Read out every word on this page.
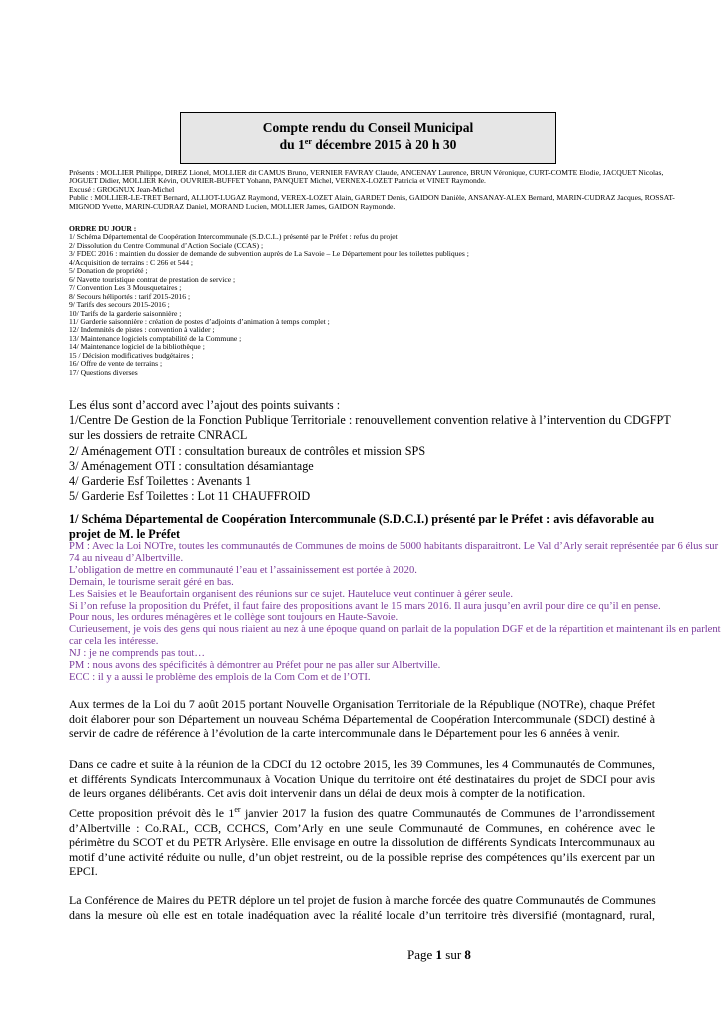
Compte rendu du Conseil Municipal
du 1er décembre 2015 à 20 h 30
Présents : MOLLIER Philippe, DIREZ Lionel, MOLLIER dit CAMUS Bruno, VERNIER FAVRAY Claude, ANCENAY Laurence, BRUN Véronique, CURT-COMTE Elodie, JACQUET Nicolas,
JOGUET Didier, MOLLIER Kévin, OUVRIER-BUFFET Yohann, PANQUET Michel, VERNEX-LOZET Patricia et VINET Raymonde.
Excusé : GROGNUX Jean-Michel
Public : MOLLIER-LE-TRET Bernard, ALLIOT-LUGAZ Raymond, VEREX-LOZET Alain, GARDET Denis, GAIDON Danièle, ANSANAY-ALEX Bernard, MARIN-CUDRAZ Jacques, ROSSAT-
MIGNOD Yvette, MARIN-CUDRAZ Daniel, MORAND Lucien, MOLLIER James, GAIDON Raymonde.
ORDRE DU JOUR :
1/ Schéma Départemental de Coopération Intercommunale (S.D.C.I..) présenté par le Préfet : refus du projet
2/ Dissolution du Centre Communal d’Action Sociale (CCAS) ;
3/ FDEC 2016 : maintien du dossier de demande de subvention auprès de La Savoie – Le Département pour les toilettes publiques ;
4/Acquisition de terrains : C 266 et 544 ;
5/ Donation de propriété ;
6/ Navette touristique contrat de prestation de service ;
7/ Convention Les 3 Mousquetaires ;
8/ Secours héliportés : tarif 2015-2016 ;
9/ Tarifs des secours 2015-2016 ;
10/ Tarifs de la garderie saisonnière ;
11/ Garderie saisonnière : création de postes d’adjoints d’animation à temps complet ;
12/ Indemnités de pistes : convention à valider ;
13/ Maintenance logiciels comptabilité de la Commune ;
14/ Maintenance logiciel de la bibliothèque ;
15 / Décision modificatives budgétaires ;
16/ Offre de vente de terrains ;
17/ Questions diverses
Les élus sont d’accord avec l’ajout des points suivants :
1/Centre De Gestion de la Fonction Publique Territoriale : renouvellement convention relative à l’intervention du CDGFPT
sur les dossiers de retraite CNRACL
2/ Aménagement OTI : consultation bureaux de contrôles et mission SPS
3/ Aménagement OTI : consultation désamiantage
4/ Garderie Esf Toilettes : Avenants 1
5/ Garderie Esf Toilettes : Lot 11 CHAUFFROID
1/ Schéma Départemental de Coopération Intercommunale (S.D.C.I.) présenté par le Préfet : avis défavorable au projet de M. le Préfet
PM : Avec la Loi NOTre, toutes les communautés de Communes de moins de 5000 habitants disparaitront. Le Val d’Arly serait représentée par 6 élus sur
74 au niveau d’Albertville.
L’obligation de mettre en communauté l’eau et l’assainissement est portée à 2020.
Demain, le tourisme serait géré en bas.
Les Saisies et le Beaufortain organisent des réunions sur ce sujet. Hauteluce veut continuer à gérer seule.
Si l’on refuse la proposition du Préfet, il faut faire des propositions avant le 15 mars 2016. Il aura jusqu’en avril pour dire ce qu’il en pense.
Pour nous, les ordures ménagères et le collège sont toujours en Haute-Savoie.
Curieusement, je vois des gens qui nous riaient au nez à une époque quand on parlait de la population DGF et de la répartition et maintenant ils en parlent
car cela les intéresse.
NJ : je ne comprends pas tout…
PM : nous avons des spécificités à démontrer au Préfet pour ne pas aller sur Albertville.
ECC : il y a aussi le problème des emplois de la Com Com et de l’OTI.
Aux termes de la Loi du 7 août 2015 portant Nouvelle Organisation Territoriale de la République (NOTRe), chaque Préfet
doit élaborer pour son Département un nouveau Schéma Départemental de Coopération Intercommunale (SDCI) destiné à
servir de cadre de référence à l’évolution de la carte intercommunale dans le Département pour les 6 années à venir.
Dans ce cadre et suite à la réunion de la CDCI du 12 octobre 2015, les 39 Communes, les 4 Communautés de Communes,
et différents Syndicats Intercommunaux à Vocation Unique du territoire ont été destinataires du projet de SDCI pour avis
de leurs organes délibérants. Cet avis doit intervenir dans un délai de deux mois à compter de la notification.
Cette proposition prévoit dès le 1er janvier 2017 la fusion des quatre Communautés de Communes de l’arrondissement
d’Albertville : Co.RAL, CCB, CCHCS, Com’Arly en une seule Communauté de Communes, en cohérence avec le
périmètre du SCOT et du PETR Arlysère. Elle envisage en outre la dissolution de différents Syndicats Intercommunaux au
motif d’une activité réduite ou nulle, d’un objet restreint, ou de la possible reprise des compétences qu’ils exercent par un
EPCI.
La Conférence de Maires du PETR déplore un tel projet de fusion à marche forcée des quatre Communautés de Communes
dans la mesure où elle est en totale inadéquation avec la réalité locale d’un territoire très diversifié (montagnard, rural,
Page 1 sur 8
